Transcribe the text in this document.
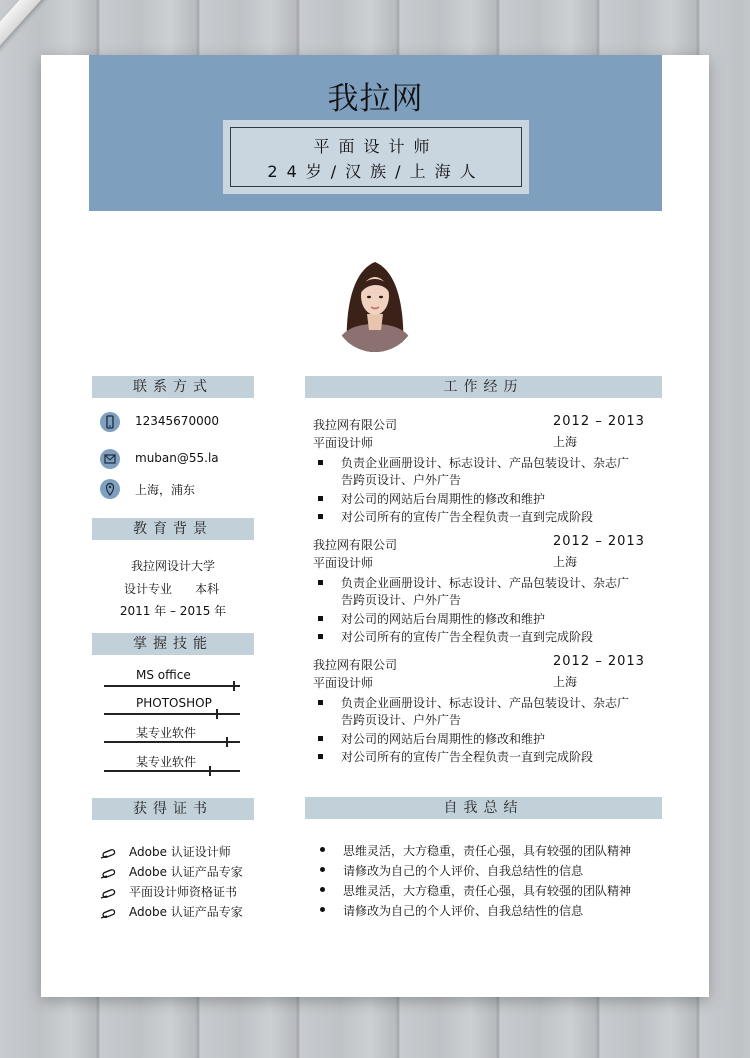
我拉网
平面设计师
24岁/汉族/上海人
联系方式
12345670000
muban@55.la
上海，浦东
教育背景
我拉网设计大学
设计专业 本科
2011 年 – 2015 年
掌握技能
获得证书
工作经历
自我总结
MS office
PHOTOSHOP
某专业软件
某专业软件
Adobe 认证设计师
Adobe 认证产品专家
平面设计师资格证书
Adobe 认证产品专家
我拉网有限公司	2012 – 2013
平面设计师	上海
负责企业画册设计、标志设计、产品包装设计、杂志广
告跨页设计、户外广告
对公司的网站后台周期性的修改和维护
对公司所有的宣传广告全程负责一直到完成阶段
我拉网有限公司	2012 – 2013
平面设计师	上海
负责企业画册设计、标志设计、产品包装设计、杂志广
告跨页设计、户外广告
对公司的网站后台周期性的修改和维护
对公司所有的宣传广告全程负责一直到完成阶段
我拉网有限公司	2012 – 2013
平面设计师	上海
负责企业画册设计、标志设计、产品包装设计、杂志广
告跨页设计、户外广告
对公司的网站后台周期性的修改和维护
对公司所有的宣传广告全程负责一直到完成阶段
思维灵活，大方稳重，责任心强，具有较强的团队精神
请修改为自己的个人评价、自我总结性的信息
思维灵活，大方稳重，责任心强，具有较强的团队精神
请修改为自己的个人评价、自我总结性的信息
